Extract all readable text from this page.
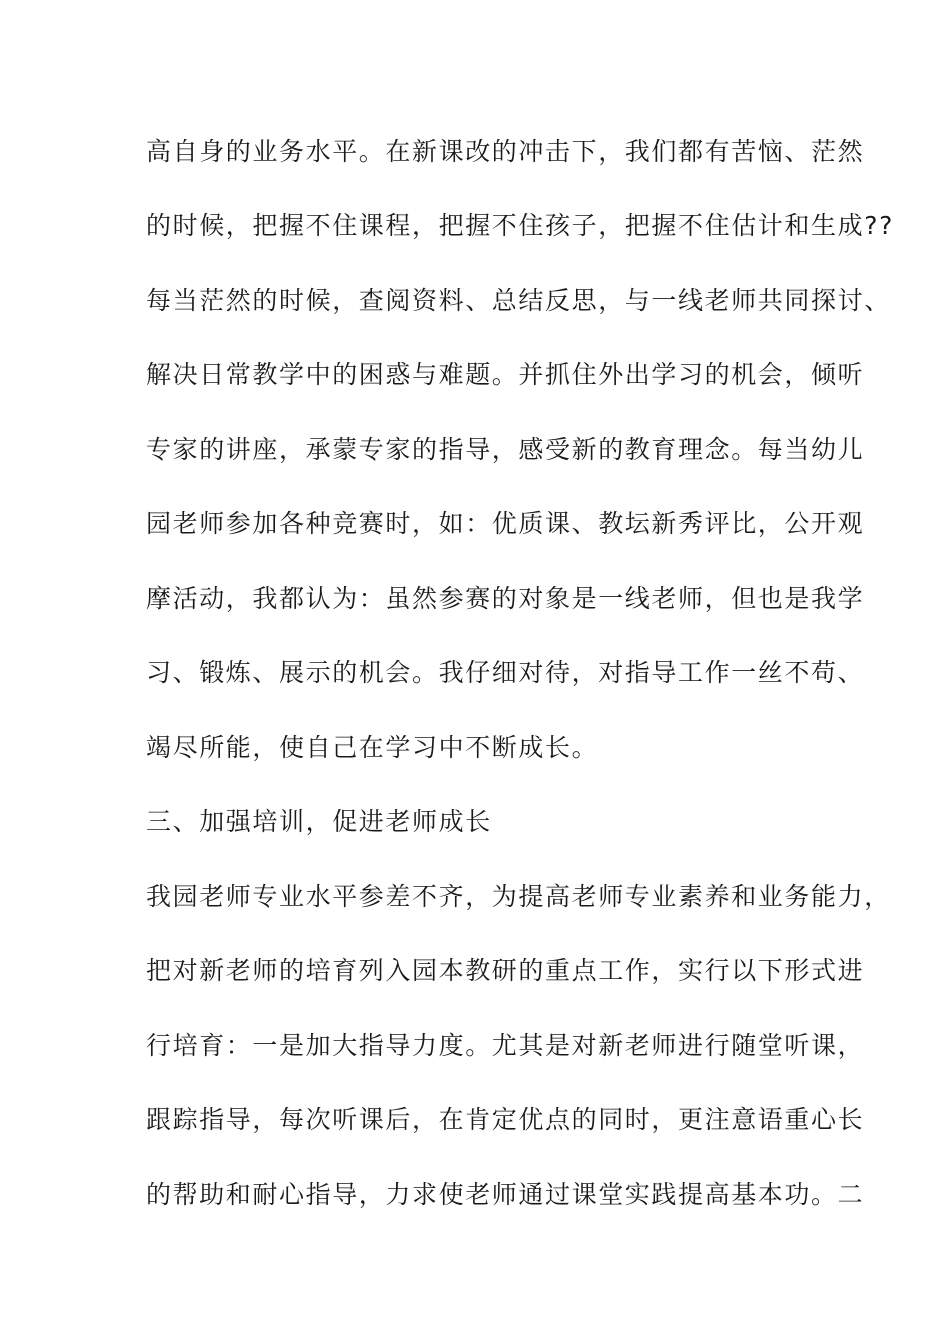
高自身的业务水平。在新课改的冲击下，我们都有苦恼、茫然
的时候，把握不住课程，把握不住孩子，把握不住估计和生成??
每当茫然的时候，查阅资料、总结反思，与一线老师共同探讨、
解决日常教学中的困惑与难题。并抓住外出学习的机会，倾听
专家的讲座，承蒙专家的指导，感受新的教育理念。每当幼儿
园老师参加各种竞赛时，如：优质课、教坛新秀评比，公开观
摩活动，我都认为：虽然参赛的对象是一线老师，但也是我学
习、锻炼、展示的机会。我仔细对待，对指导工作一丝不苟、
竭尽所能，使自己在学习中不断成长。
三、加强培训，促进老师成长
我园老师专业水平参差不齐，为提高老师专业素养和业务能力，
把对新老师的培育列入园本教研的重点工作，实行以下形式进
行培育：一是加大指导力度。尤其是对新老师进行随堂听课，
跟踪指导，每次听课后，在肯定优点的同时，更注意语重心长
的帮助和耐心指导，力求使老师通过课堂实践提高基本功。二
